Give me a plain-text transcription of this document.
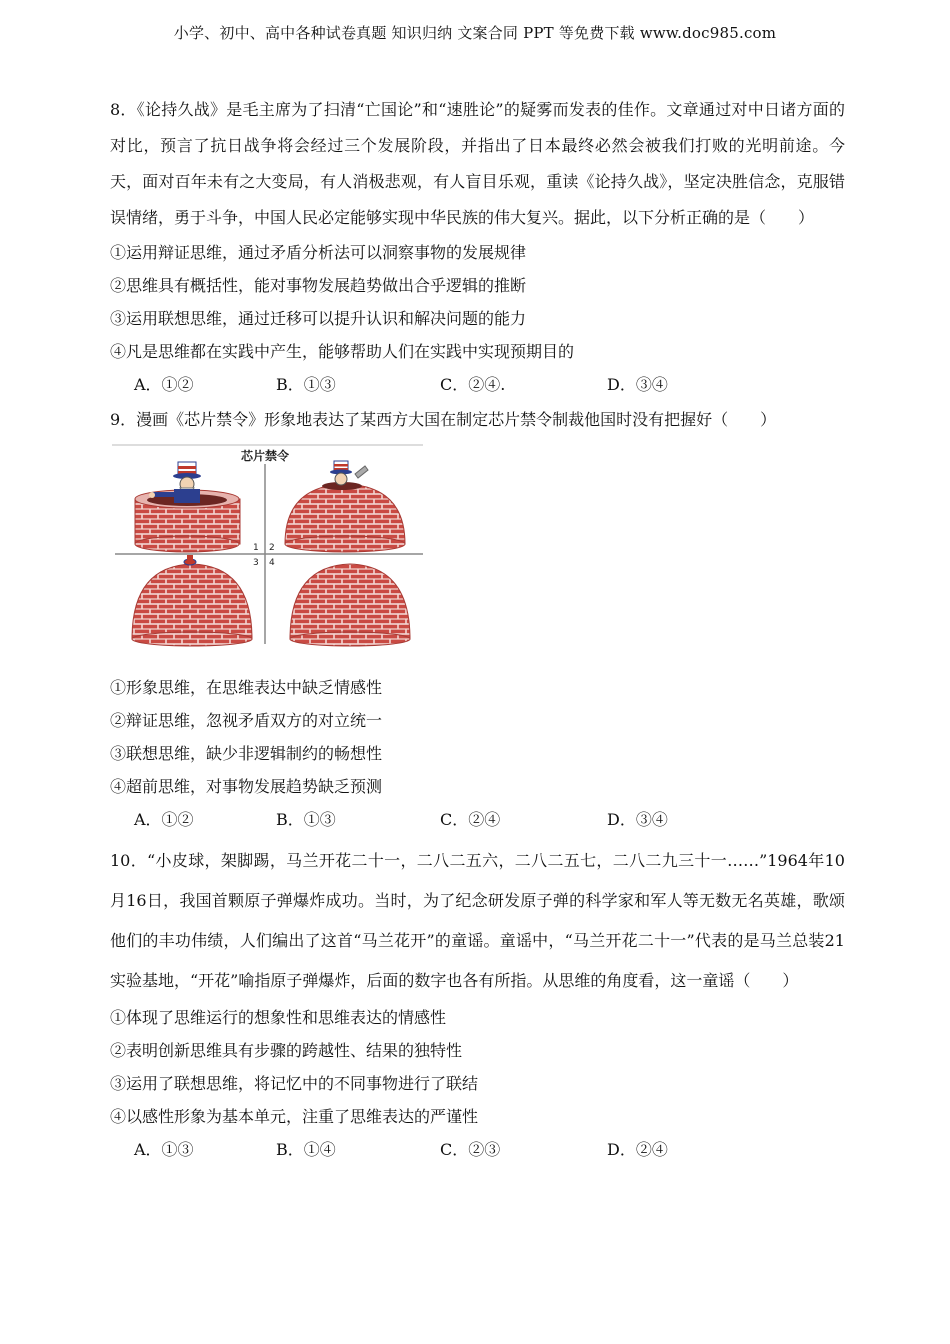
小学、初中、高中各种试卷真题 知识归纳 文案合同 PPT 等免费下载 www.doc985.com

8．《论持久战》是毛主席为了扫清“亡国论”和“速胜论”的疑雾而发表的佳作。文章通过对中日诸方面的对比，预言了抗日战争将会经过三个发展阶段，并指出了日本最终必然会被我们打败的光明前途。今天，面对百年未有之大变局，有人消极悲观，有人盲目乐观，重读《论持久战》，坚定决胜信念，克服错误情绪，勇于斗争，中国人民必定能够实现中华民族的伟大复兴。据此，以下分析正确的是（　　）

①运用辩证思维，通过矛盾分析法可以洞察事物的发展规律

②思维具有概括性，能对事物发展趋势做出合乎逻辑的推断

③运用联想思维，通过迁移可以提升认识和解决问题的能力

④凡是思维都在实践中产生，能够帮助人们在实践中实现预期目的

A．①②	B．①③	C．②④.	D．③④

9．漫画《芯片禁令》形象地表达了某西方大国在制定芯片禁令制裁他国时没有把握好（　　）

芯片禁令
1 2
3 4

①形象思维，在思维表达中缺乏情感性

②辩证思维，忽视矛盾双方的对立统一

③联想思维，缺少非逻辑制约的畅想性

④超前思维，对事物发展趋势缺乏预测

A．①②	B．①③	C．②④	D．③④

10．“小皮球，架脚踢，马兰开花二十一，二八二五六，二八二五七，二八二九三十一……”1964年10月16日，我国首颗原子弹爆炸成功。当时，为了纪念研发原子弹的科学家和军人等无数无名英雄，歌颂他们的丰功伟绩，人们编出了这首“马兰花开”的童谣。童谣中，“马兰开花二十一”代表的是马兰总装21实验基地，“开花”喻指原子弹爆炸，后面的数字也各有所指。从思维的角度看，这一童谣（　　）

①体现了思维运行的想象性和思维表达的情感性

②表明创新思维具有步骤的跨越性、结果的独特性

③运用了联想思维，将记忆中的不同事物进行了联结

④以感性形象为基本单元，注重了思维表达的严谨性

A．①③	B．①④	C．②③	D．②④
